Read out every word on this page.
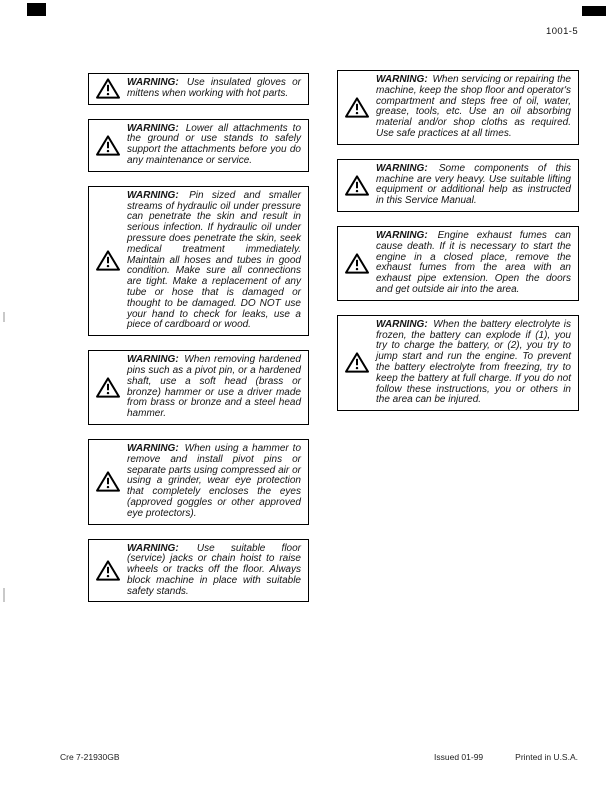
1001-5

WARNING: Use insulated gloves or mittens when working with hot parts.

WARNING: Lower all attachments to the ground or use stands to safely support the attachments before you do any maintenance or service.

WARNING: Pin sized and smaller streams of hydraulic oil under pressure can penetrate the skin and result in serious infection. If hydraulic oil under pressure does penetrate the skin, seek medical treatment immediately. Maintain all hoses and tubes in good condition. Make sure all connections are tight. Make a replacement of any tube or hose that is damaged or thought to be damaged. DO NOT use your hand to check for leaks, use a piece of cardboard or wood.

WARNING: When removing hardened pins such as a pivot pin, or a hardened shaft, use a soft head (brass or bronze) hammer or use a driver made from brass or bronze and a steel head hammer.

WARNING: When using a hammer to remove and install pivot pins or separate parts using compressed air or using a grinder, wear eye protection that completely encloses the eyes (approved goggles or other approved eye protectors).

WARNING: Use suitable floor (service) jacks or chain hoist to raise wheels or tracks off the floor. Always block machine in place with suitable safety stands.

WARNING: When servicing or repairing the machine, keep the shop floor and operator's compartment and steps free of oil, water, grease, tools, etc. Use an oil absorbing material and/or shop cloths as required. Use safe practices at all times.

WARNING: Some components of this machine are very heavy. Use suitable lifting equipment or additional help as instructed in this Service Manual.

WARNING: Engine exhaust fumes can cause death. If it is necessary to start the engine in a closed place, remove the exhaust fumes from the area with an exhaust pipe extension. Open the doors and get outside air into the area.

WARNING: When the battery electrolyte is frozen, the battery can explode if (1), you try to charge the battery, or (2), you try to jump start and run the engine. To prevent the battery electrolyte from freezing, try to keep the battery at full charge. If you do not follow these instructions, you or others in the area can be injured.

Cre 7-21930GB	Issued 01-99	Printed in U.S.A.
